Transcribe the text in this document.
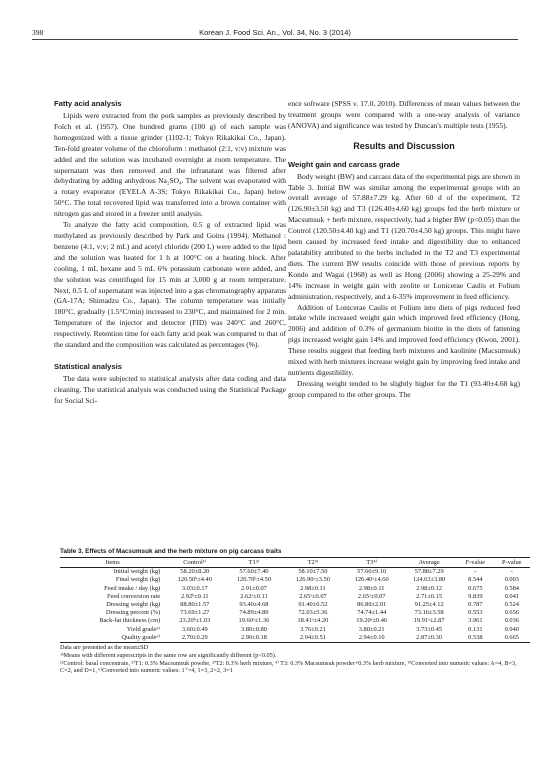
398	Korean J. Food Sci. An., Vol. 34, No. 3 (2014)
Fatty acid analysis

Lipids were extracted from the pork samples as previously described by Folch et al. (1957). One hundred grams (100 g) of each sample was homogenized with a tissue grinder (1102-1; Tokyo Rikakikai Co., Japan). Ten-fold greater volume of the chloroform : methanol (2:1, v:v) mixture was added and the solution was incubated overnight at room temperature. The supernatant was then removed and the infranatant was filtered after dehydrating by adding anhydrous Na₂SO₄. The solvent was evaporated with a rotary evaporator (EYELA A-3S; Tokyo Rikakikai Co., Japan) below 50°C. The total recovered lipid was transferred into a brown container with nitrogen gas and stored in a freezer until analysis.

To analyze the fatty acid composition, 0.5 g of extracted lipid was methylated as previously described by Park and Goins (1994). Methanol : benzene (4:1, v:v; 2 mL) and acetyl chloride (200 L) were added to the lipid and the solution was heated for 1 h at 100°C on a heating block. After cooling, 1 mL hexane and 5 mL 6% potassium carbonate were added, and the solution was centrifuged for 15 min at 3,000 g at room temperature. Next, 0.5 L of supernatant was injected into a gas chromatography apparatus (GA-17A; Shimadzu Co., Japan). The column temperature was initially 180°C, gradually (1.5°C/min) increased to 230°C, and maintained for 2 min. Temperature of the injector and detector (FID) was 240°C and 260°C, respectively. Retention time for each fatty acid peak was compared to that of the standard and the composition was calculated as percentages (%).

Statistical analysis

The data were subjected to statistical analysis after data coding and data cleaning. The statistical analysis was conducted using the Statistical Package for Social Sci-

ence software (SPSS v. 17.0, 2010). Differences of mean values between the treatment groups were compared with a one-way analysis of variance (ANOVA) and significance was tested by Duncan's multiple tests (1955).

Results and Discussion
Weight gain and carcass grade

Body weight (BW) and carcass data of the experimental pigs are shown in Table 3. Initial BW was similar among the experimental groups with an overall average of 57.88±7.29 kg. After 60 d of the experiment, T2 (126.90±3.50 kg) and T3 (126.40±4.60 kg) groups fed the herb mixture or Macsumsuk + herb mixture, respectively, had a higher BW (p<0.05) than the Control (120.50±4.40 kg) and T1 (120.70±4.50 kg) groups. This might have been caused by increased feed intake and digestibility due to enhanced palatability attributed to the herbs included in the T2 and T3 experimental diets. The current BW results coincide with those of previous reports by Kondo and Wagai (1968) as well as Hong (2006) showing a 25-29% and 14% increase in weight gain with zeolite or Lonicerae Caulis et Folium administration, respectively, and a 6-35% improvement in feed efficiency.

Addition of Lonicerae Caulis et Folium into diets of pigs reduced feed intake while increased weight gain which improved feed efficiency (Hong, 2006) and addition of 0.3% of germanium biotite in the diets of fattening pigs increased weight gain 14% and improved feed efficiency (Kwon, 2001). These results suggest that feeding herb mixtures and kaolinite (Macsumsuk) mixed with herb mixtures increase weight gain by improving feed intake and nutrients digestibility.

Dressing weight tended to be slightly higher for the T1 (93.40±4.68 kg) group compared to the other groups. The

Table 3. Effects of Macsumsuk and the herb mixture on pig carcass traits
Items	Control¹⁾	T1²⁾	T2³⁾	T3⁴⁾	Average	F-value	P-value
Initial weight (kg)	58.20±8.20	57.60±7.40	58.10±7.50	57.60±9.10	57.88±7.29	-	-
Final weight (kg)	120.50ᵇ±4.40	120.70ᵇ±4.50	126.90ᵃ±3.50	126.40ᵃ±4.60	124.63±3.80	8.544	0.003
Feed intake / day (kg)	3.03±0.17	2.91±0.07	2.98±0.11	2.98±0.11	2.98±0.12	0.675	0.584
Feed conversion rate	2.92ᵇ±0.11	2.62ᵃ±0.11	2.65ᵃ±0.07	2.65ᵃ±0.07	2.71±0.15	9.839	0.041
Dressing weight (kg)	88.80±1.57	93.40±4.68	91.40±6.52	86.80±2.01	91.25±4.12	0.787	0.524
Dressing percent (%)	73.69±1.27	74.89±4.89	72.03±5.36	74.74±1.44	73.16±3.58	0.553	0.656
Back-fat thickness (cm)	23.20ᵇ±1.03	19.60ᵃ±1.36	18.41ᵃ±4.20	19.20ᵃ±0.46	19.91ᵃ±2.87	3.961	0.036
Yield grade⁵⁾	3.60±0.49	3.80±0.80	3.76±0.21	3.80±0.21	3.73±0.45	0.131	0.940
Quality grade⁶⁾	2.70±0.29	2.90±0.18	2.94±0.51	2.94±0.10	2.87±0.30	0.538	0.665
Data are presented as the mean±SD
ᵃᵇMeans with different superscripts in the same row are significantly different (p<0.05).
¹⁾Control: basal concentrate, ²⁾T1: 0.3% Macsumsuk powder, ³⁾T2: 0.3% herb mixture, ⁴⁾ T3: 0.3% Macsumsuk powder+0.3% herb mixture, ⁵⁾Converted into numeric values: A=4, B=3, C=2, and D=1, ⁶⁾Converted into numeric values: 1⁺=4, 1=3, 2=2, 3=1
